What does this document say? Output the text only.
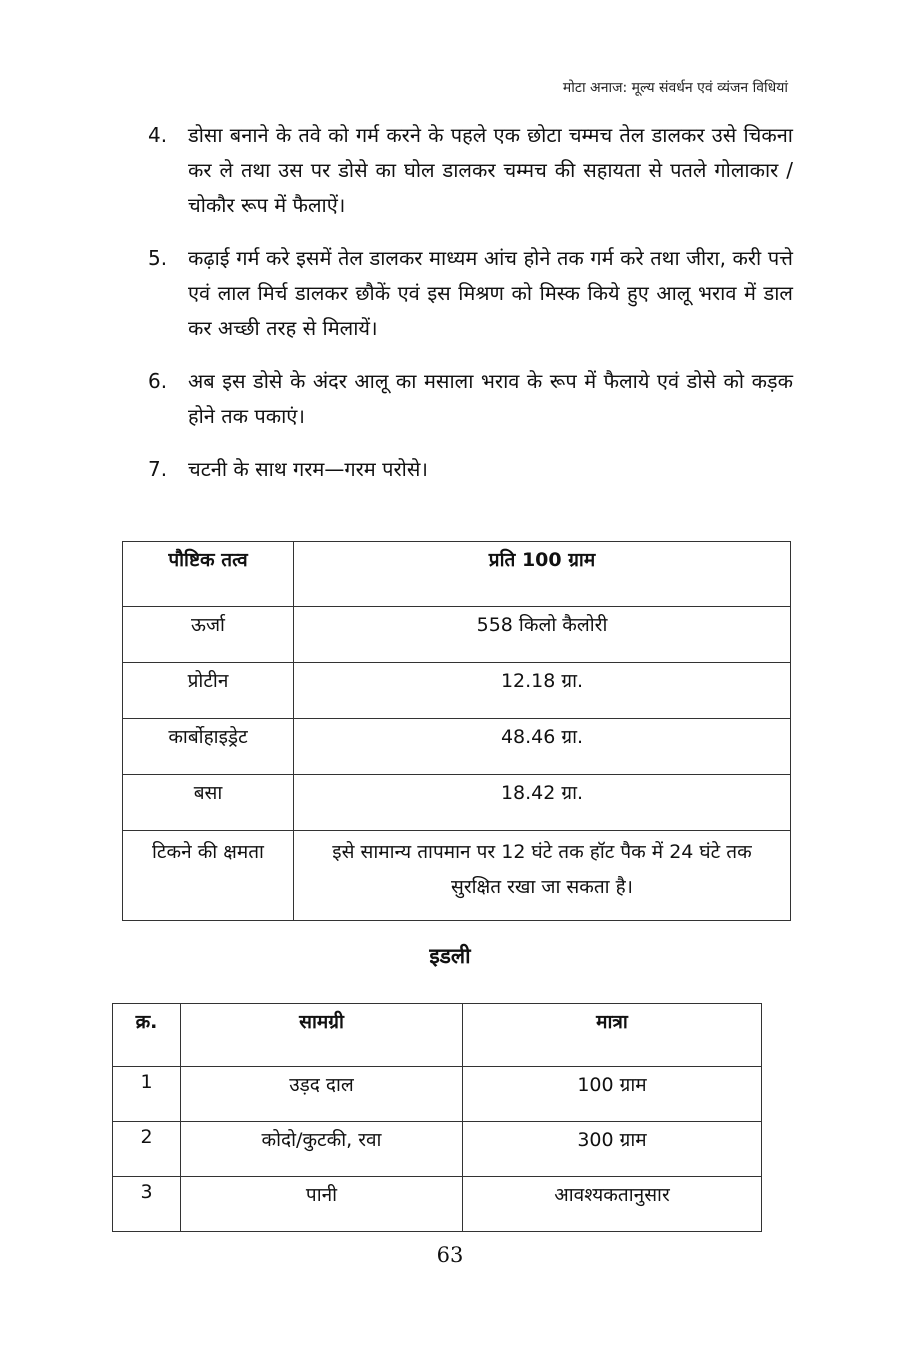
मोटा अनाज: मूल्य संवर्धन एवं व्यंजन विधियां
4.	डोसा बनाने के तवे को गर्म करने के पहले एक छोटा चम्मच तेल डालकर उसे चिकना कर ले तथा उस पर डोसे का घोल डालकर चम्मच की सहायता से पतले गोलाकार /चोकौर रूप में फैलाऐं।
5.	कढ़ाई गर्म करे इसमें तेल डालकर माध्यम आंच होने तक गर्म करे तथा जीरा, करी पत्ते एवं लाल मिर्च डालकर छौकें एवं इस मिश्रण को मिस्क किये हुए आलू भराव में डाल कर अच्छी तरह से मिलायें।
6.	अब इस डोसे के अंदर आलू का मसाला भराव के रूप में फैलाये एवं डोसे को कड़क होने तक पकाएं।
7.	चटनी के साथ गरम—गरम परोसे।
पौष्टिक तत्व	प्रति 100 ग्राम
ऊर्जा	558 किलो कैलोरी
प्रोटीन	12.18 ग्रा.
कार्बोहाइड्रेट	48.46 ग्रा.
बसा	18.42 ग्रा.
टिकने की क्षमता	इसे सामान्य तापमान पर 12 घंटे तक हॉट पैक में 24 घंटे तक सुरक्षित रखा जा सकता है।
इडली
क्र.	सामग्री	मात्रा
1	उड़द दाल	100 ग्राम
2	कोदो/कुटकी, रवा	300 ग्राम
3	पानी	आवश्यकतानुसार
63
